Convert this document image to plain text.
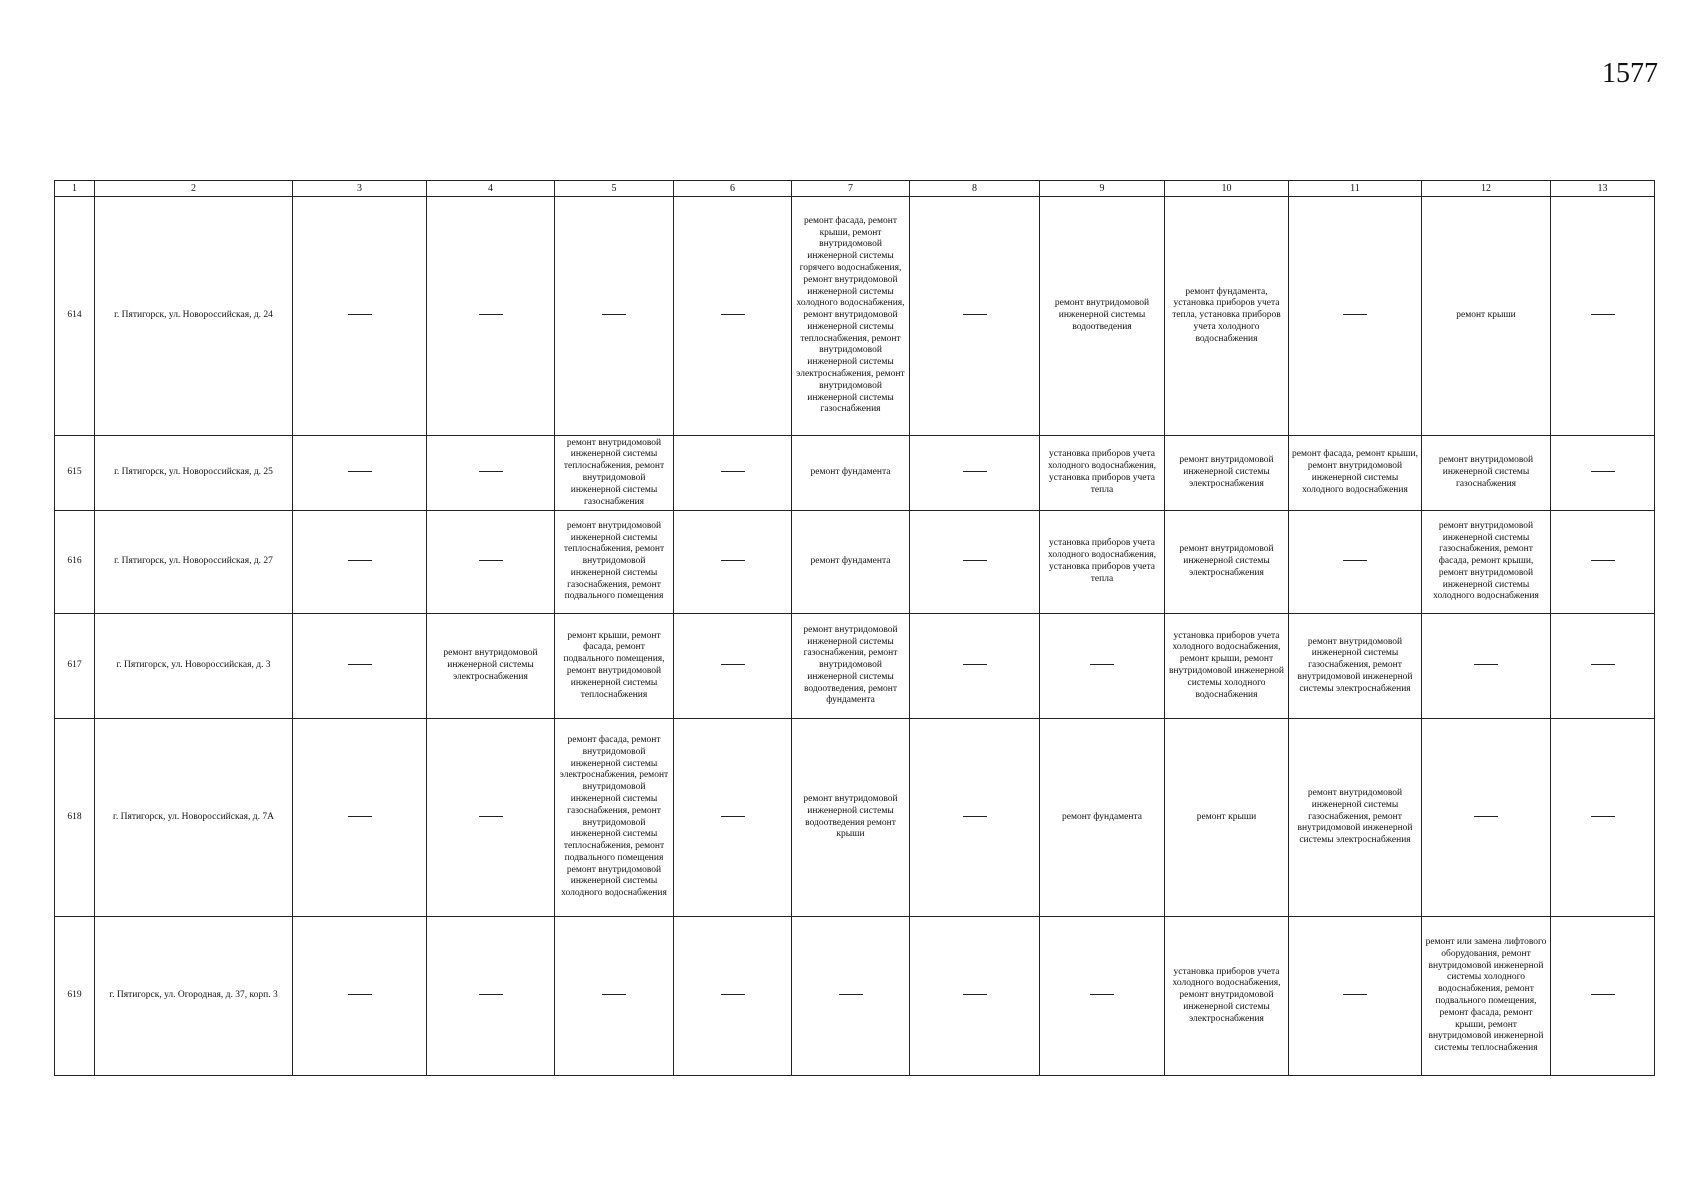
1577
1	2	3	4	5	6	7	8	9	10	11	12	13
614	г. Пятигорск, ул. Новороссийская, д. 24					ремонт фасада, ремонт крыши, ремонт внутридомовой инженерной системы горячего водоснабжения, ремонт внутридомовой инженерной системы холодного водоснабжения, ремонт внутридомовой инженерной системы теплоснабжения, ремонт внутридомовой инженерной системы электроснабжения, ремонт внутридомовой инженерной системы газоснабжения		ремонт внутридомовой инженерной системы водоотведения	ремонт фундамента, установка приборов учета тепла, установка приборов учета холодного водоснабжения		ремонт крыши	
615	г. Пятигорск, ул. Новороссийская, д. 25			ремонт внутридомовой инженерной системы теплоснабжения, ремонт внутридомовой инженерной системы газоснабжения		ремонт фундамента		установка приборов учета холодного водоснабжения, установка приборов учета тепла	ремонт внутридомовой инженерной системы электроснабжения	ремонт фасада, ремонт крыши, ремонт внутридомовой инженерной системы холодного водоснабжения	ремонт внутридомовой инженерной системы газоснабжения	
616	г. Пятигорск, ул. Новороссийская, д. 27			ремонт внутридомовой инженерной системы теплоснабжения, ремонт внутридомовой инженерной системы газоснабжения, ремонт подвального помещения		ремонт фундамента		установка приборов учета холодного водоснабжения, установка приборов учета тепла	ремонт внутридомовой инженерной системы электроснабжения		ремонт внутридомовой инженерной системы газоснабжения, ремонт фасада, ремонт крыши, ремонт внутридомовой инженерной системы холодного водоснабжения	
617	г. Пятигорск, ул. Новороссийская, д. 3		ремонт внутридомовой инженерной системы электроснабжения	ремонт крыши, ремонт фасада, ремонт подвального помещения, ремонт внутридомовой инженерной системы теплоснабжения		ремонт внутридомовой инженерной системы газоснабжения, ремонт внутридомовой инженерной системы водоотведения, ремонт фундамента			установка приборов учета холодного водоснабжения, ремонт крыши, ремонт внутридомовой инженерной системы холодного водоснабжения	ремонт внутридомовой инженерной системы газоснабжения, ремонт внутридомовой инженерной системы электроснабжения		
618	г. Пятигорск, ул. Новороссийская, д. 7А			ремонт фасада, ремонт внутридомовой инженерной системы электроснабжения, ремонт внутридомовой инженерной системы газоснабжения, ремонт внутридомовой инженерной системы теплоснабжения, ремонт подвального помещения ремонт внутридомовой инженерной системы холодного водоснабжения		ремонт внутридомовой инженерной системы водоотведения ремонт крыши		ремонт фундамента	ремонт крыши	ремонт внутридомовой инженерной системы газоснабжения, ремонт внутридомовой инженерной системы электроснабжения		
619	г. Пятигорск, ул. Огородная, д. 37, корп. 3								установка приборов учета холодного водоснабжения, ремонт внутридомовой инженерной системы электроснабжения		ремонт или замена лифтового оборудования, ремонт внутридомовой инженерной системы холодного водоснабжения, ремонт подвального помещения, ремонт фасада, ремонт крыши, ремонт внутридомовой инженерной системы теплоснабжения	
